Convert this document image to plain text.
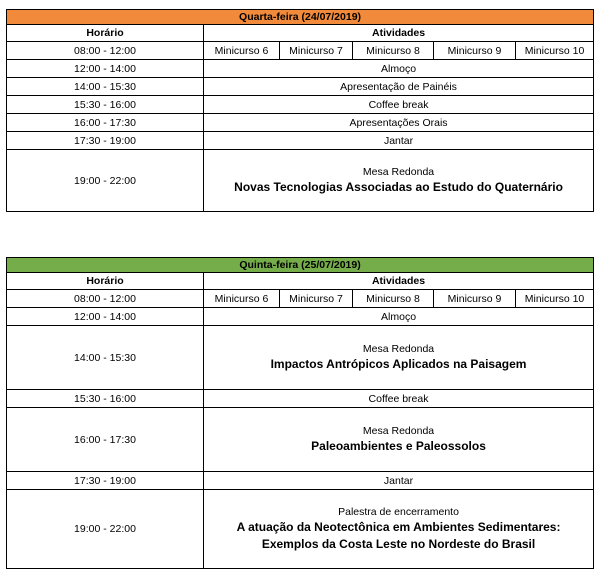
Quarta-feira (24/07/2019)					
Horário	Atividades				
08:00 - 12:00	Minicurso 6	Minicurso 7	Minicurso 8	Minicurso 9	Minicurso 10
12:00 - 14:00	Almoço				
14:00 - 15:30	Apresentação de Painéis				
15:30 - 16:00	Coffee break				
16:00 - 17:30	Apresentações Orais				
17:30 - 19:00	Jantar				
19:00 - 22:00	Mesa Redonda
Novas Tecnologias Associadas ao Estudo do Quaternário				
Quinta-feira (25/07/2019)					
Horário	Atividades				
08:00 - 12:00	Minicurso 6	Minicurso 7	Minicurso 8	Minicurso 9	Minicurso 10
12:00 - 14:00	Almoço				
14:00 - 15:30	Mesa Redonda
Impactos Antrópicos Aplicados na Paisagem				

15:30 - 16:00	Coffee break				
16:00 - 17:30	Mesa Redonda
Paleoambientes e Paleossolos				

17:30 - 19:00	Jantar				
19:00 - 22:00	Palestra de encerramento
A atuação da Neotectônica em Ambientes Sedimentares:
Exemplos da Costa Leste no Nordeste do Brasil				
